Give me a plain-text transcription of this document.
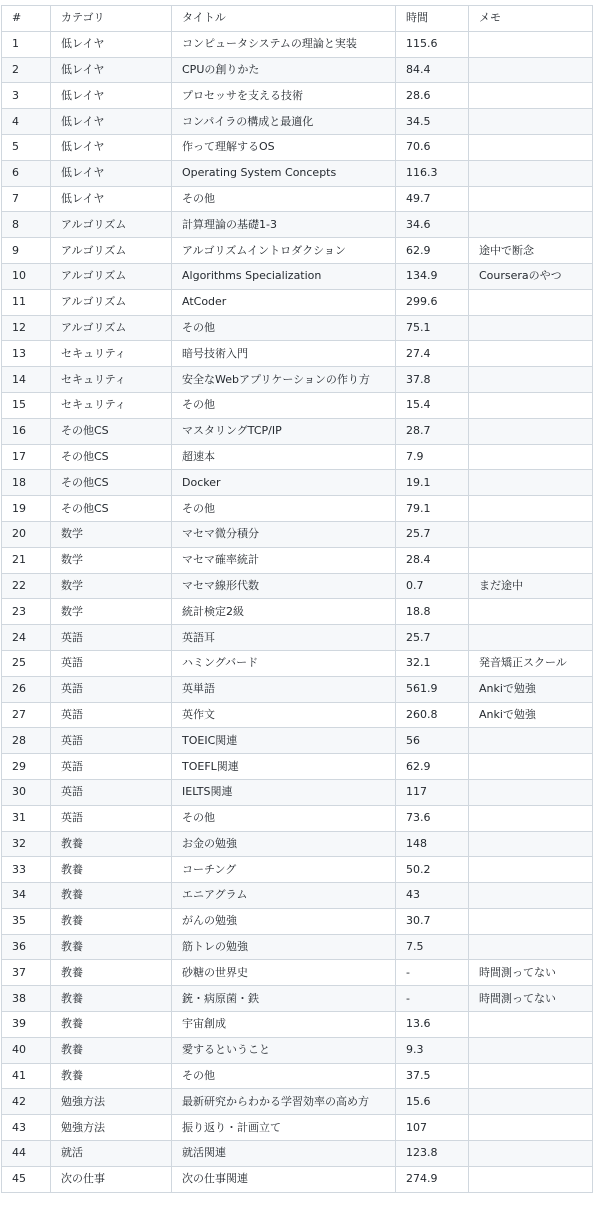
#	カテゴリ	タイトル	時間	メモ
1	低レイヤ	コンピュータシステムの理論と実装	115.6	
2	低レイヤ	CPUの創りかた	84.4	
3	低レイヤ	プロセッサを支える技術	28.6	
4	低レイヤ	コンパイラの構成と最適化	34.5	
5	低レイヤ	作って理解するOS	70.6	
6	低レイヤ	Operating System Concepts	116.3	
7	低レイヤ	その他	49.7	
8	アルゴリズム	計算理論の基礎1-3	34.6	
9	アルゴリズム	アルゴリズムイントロダクション	62.9	途中で断念
10	アルゴリズム	Algorithms Specialization	134.9	Courseraのやつ
11	アルゴリズム	AtCoder	299.6	
12	アルゴリズム	その他	75.1	
13	セキュリティ	暗号技術入門	27.4	
14	セキュリティ	安全なWebアプリケーションの作り方	37.8	
15	セキュリティ	その他	15.4	
16	その他CS	マスタリングTCP/IP	28.7	
17	その他CS	超速本	7.9	
18	その他CS	Docker	19.1	
19	その他CS	その他	79.1	
20	数学	マセマ微分積分	25.7	
21	数学	マセマ確率統計	28.4	
22	数学	マセマ線形代数	0.7	まだ途中
23	数学	統計検定2級	18.8	
24	英語	英語耳	25.7	
25	英語	ハミングバード	32.1	発音矯正スクール
26	英語	英単語	561.9	Ankiで勉強
27	英語	英作文	260.8	Ankiで勉強
28	英語	TOEIC関連	56	
29	英語	TOEFL関連	62.9	
30	英語	IELTS関連	117	
31	英語	その他	73.6	
32	教養	お金の勉強	148	
33	教養	コーチング	50.2	
34	教養	エニアグラム	43	
35	教養	がんの勉強	30.7	
36	教養	筋トレの勉強	7.5	
37	教養	砂糖の世界史	-	時間測ってない
38	教養	銃・病原菌・鉄	-	時間測ってない
39	教養	宇宙創成	13.6	
40	教養	愛するということ	9.3	
41	教養	その他	37.5	
42	勉強方法	最新研究からわかる学習効率の高め方	15.6	
43	勉強方法	振り返り・計画立て	107	
44	就活	就活関連	123.8	
45	次の仕事	次の仕事関連	274.9	
